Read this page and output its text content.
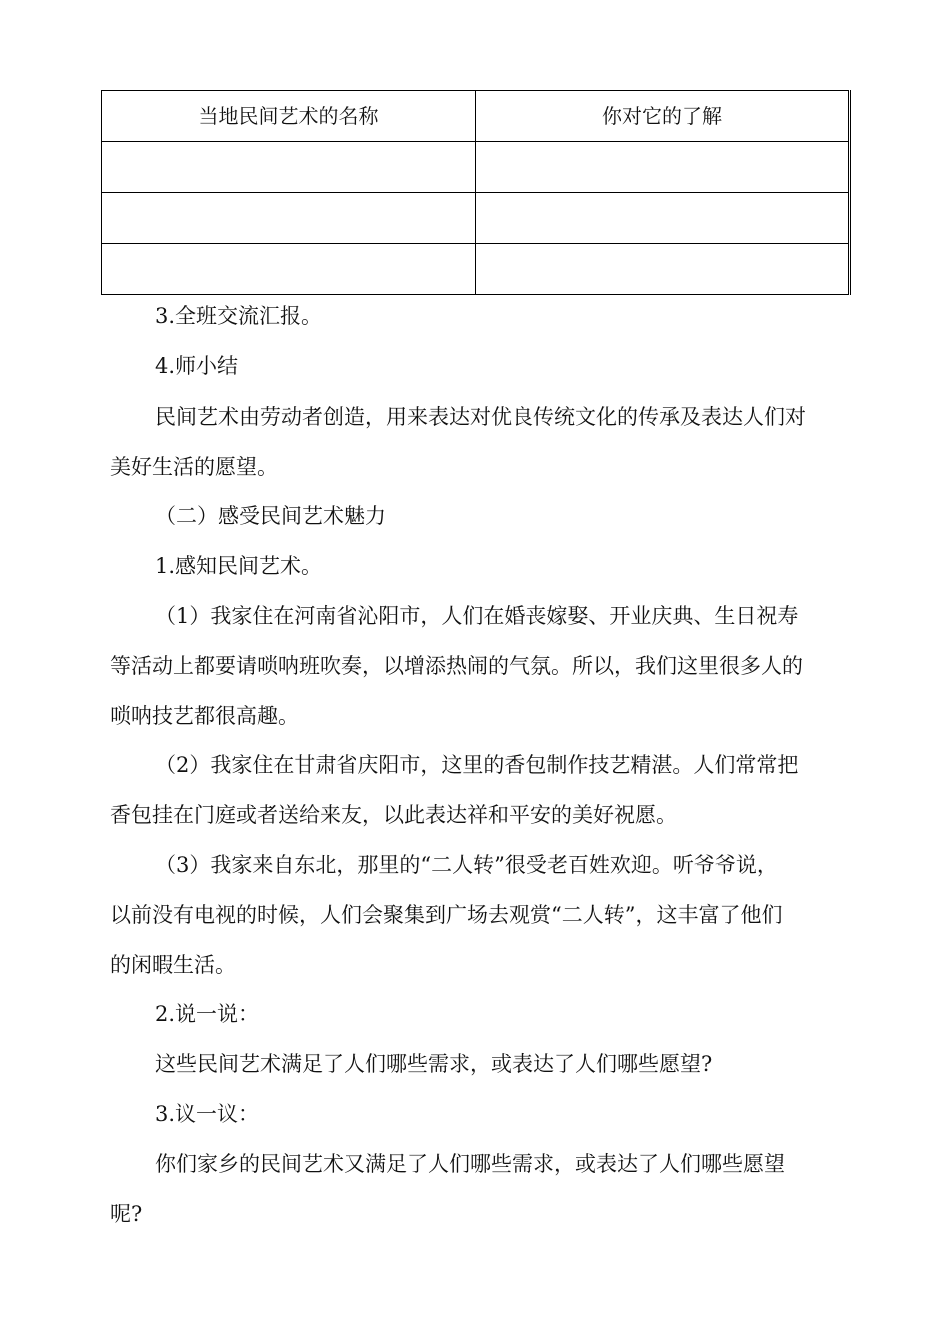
当地民间艺术的名称	你对它的了解

3.全班交流汇报。

4.师小结

民间艺术由劳动者创造，用来表达对优良传统文化的传承及表达人们对

美好生活的愿望。

（二）感受民间艺术魅力

1.感知民间艺术。

（1）我家住在河南省沁阳市，人们在婚丧嫁娶、开业庆典、生日祝寿

等活动上都要请唢呐班吹奏，以增添热闹的气氛。所以，我们这里很多人的

唢呐技艺都很高趣。

（2）我家住在甘肃省庆阳市，这里的香包制作技艺精湛。人们常常把

香包挂在门庭或者送给来友，以此表达祥和平安的美好祝愿。

（3）我家来自东北，那里的“二人转”很受老百姓欢迎。听爷爷说，

以前没有电视的时候，人们会聚集到广场去观赏“二人转”，这丰富了他们

的闲暇生活。

2.说一说：

这些民间艺术满足了人们哪些需求，或表达了人们哪些愿望?

3.议一议：

你们家乡的民间艺术又满足了人们哪些需求，或表达了人们哪些愿望

呢?
